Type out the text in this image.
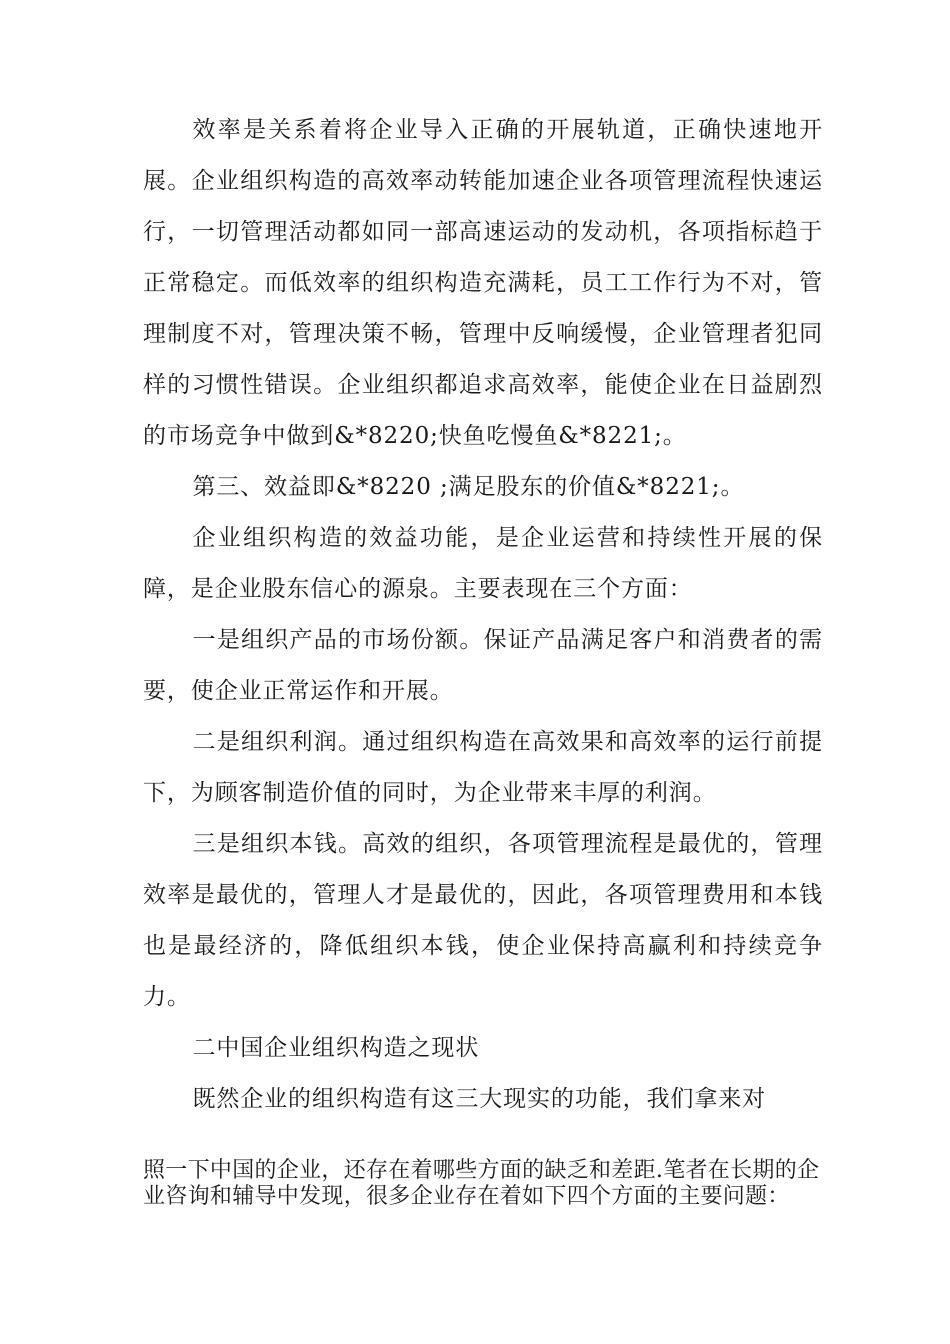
效率是关系着将企业导入正确的开展轨道，正确快速地开展。企业组织构造的高效率动转能加速企业各项管理流程快速运行，一切管理活动都如同一部高速运动的发动机，各项指标趋于正常稳定。而低效率的组织构造充满耗，员工工作行为不对，管理制度不对，管理决策不畅，管理中反响缓慢，企业管理者犯同样的习惯性错误。企业组织都追求高效率，能使企业在日益剧烈的市场竞争中做到&*8220;快鱼吃慢鱼&*8221;。

第三、效益即&*8220 ;满足股东的价值&*8221;。

企业组织构造的效益功能，是企业运营和持续性开展的保障，是企业股东信心的源泉。主要表现在三个方面：

一是组织产品的市场份额。保证产品满足客户和消费者的需要，使企业正常运作和开展。

二是组织利润。通过组织构造在高效果和高效率的运行前提下，为顾客制造价值的同时，为企业带来丰厚的利润。

三是组织本钱。高效的组织，各项管理流程是最优的，管理效率是最优的，管理人才是最优的，因此，各项管理费用和本钱也是最经济的，降低组织本钱，使企业保持高赢利和持续竞争力。

二中国企业组织构造之现状

既然企业的组织构造有这三大现实的功能，我们拿来对

照一下中国的企业，还存在着哪些方面的缺乏和差距.笔者在长期的企业咨询和辅导中发现，很多企业存在着如下四个方面的主要问题：
